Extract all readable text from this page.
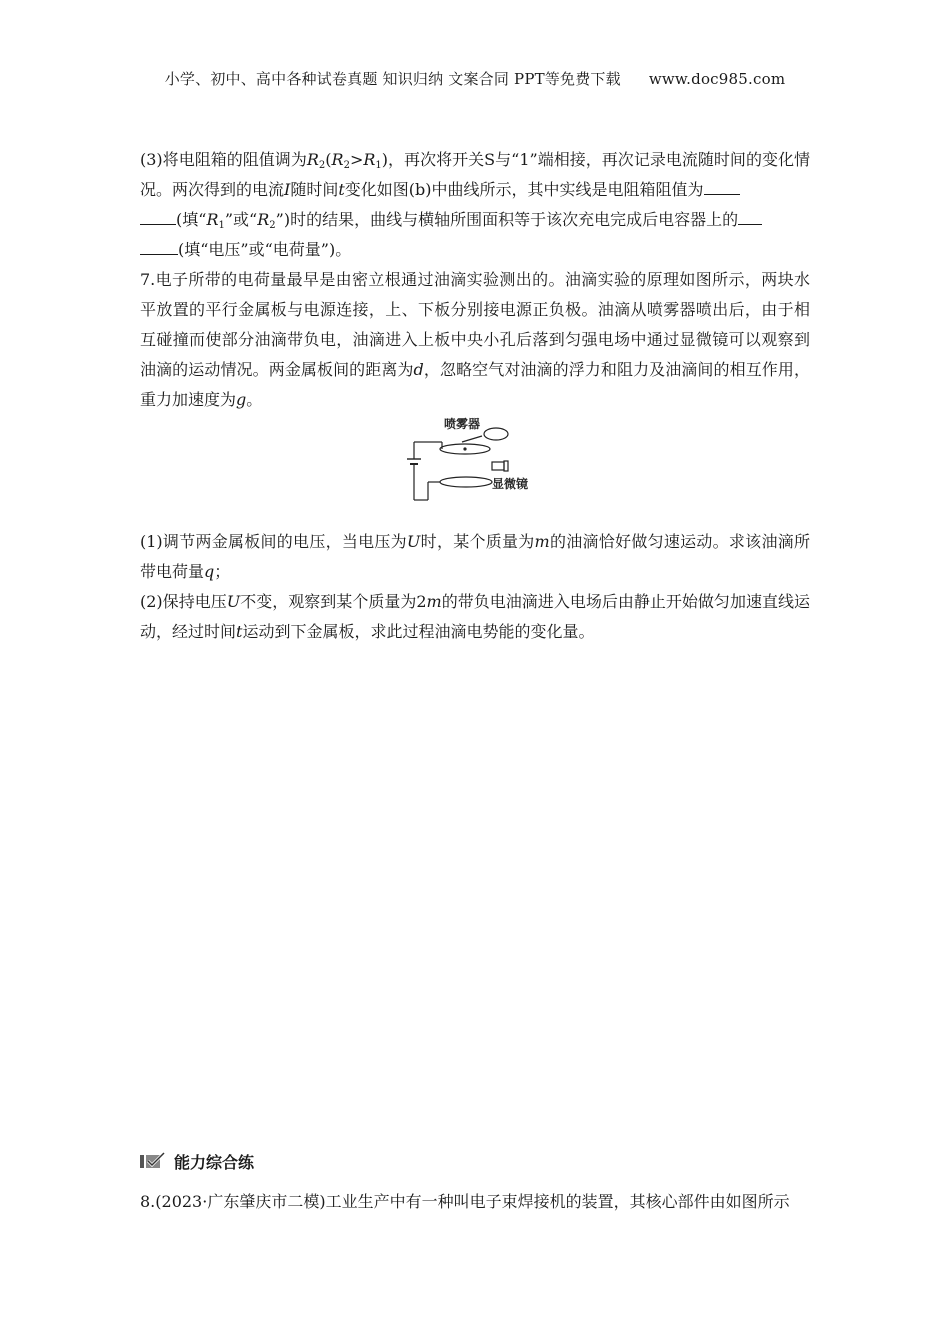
小学、初中、高中各种试卷真题 知识归纳 文案合同 PPT等免费下载 www.doc985.com

(3)将电阻箱的阻值调为$R_2(R_2>R_1)$，再次将开关S与“1”端相接，再次记录电流随时间的变化情况。两次得到的电流I随时间t变化如图(b)中曲线所示，其中实线是电阻箱阻值为
(填“$R_1$”或“$R_2$”)时的结果，曲线与横轴所围面积等于该次充电完成后电容器上的
(填“电压”或“电荷量”)。

7.电子所带的电荷量最早是由密立根通过油滴实验测出的。油滴实验的原理如图所示，两块水平放置的平行金属板与电源连接，上、下板分别接电源正负极。油滴从喷雾器喷出后，由于相互碰撞而使部分油滴带负电，油滴进入上板中央小孔后落到匀强电场中通过显微镜可以观察到油滴的运动情况。两金属板间的距离为d，忽略空气对油滴的浮力和阻力及油滴间的相互作用，重力加速度为g。

(1)调节两金属板间的电压，当电压为U时，某个质量为m的油滴恰好做匀速运动。求该油滴所带电荷量q；

(2)保持电压U不变，观察到某个质量为2m的带负电油滴进入电场后由静止开始做匀加速直线运动，经过时间t运动到下金属板，求此过程油滴电势能的变化量。

喷雾器
显微镜
能力综合练
8.(2023·广东肇庆市二模)工业生产中有一种叫电子束焊接机的装置，其核心部件由如图所示
